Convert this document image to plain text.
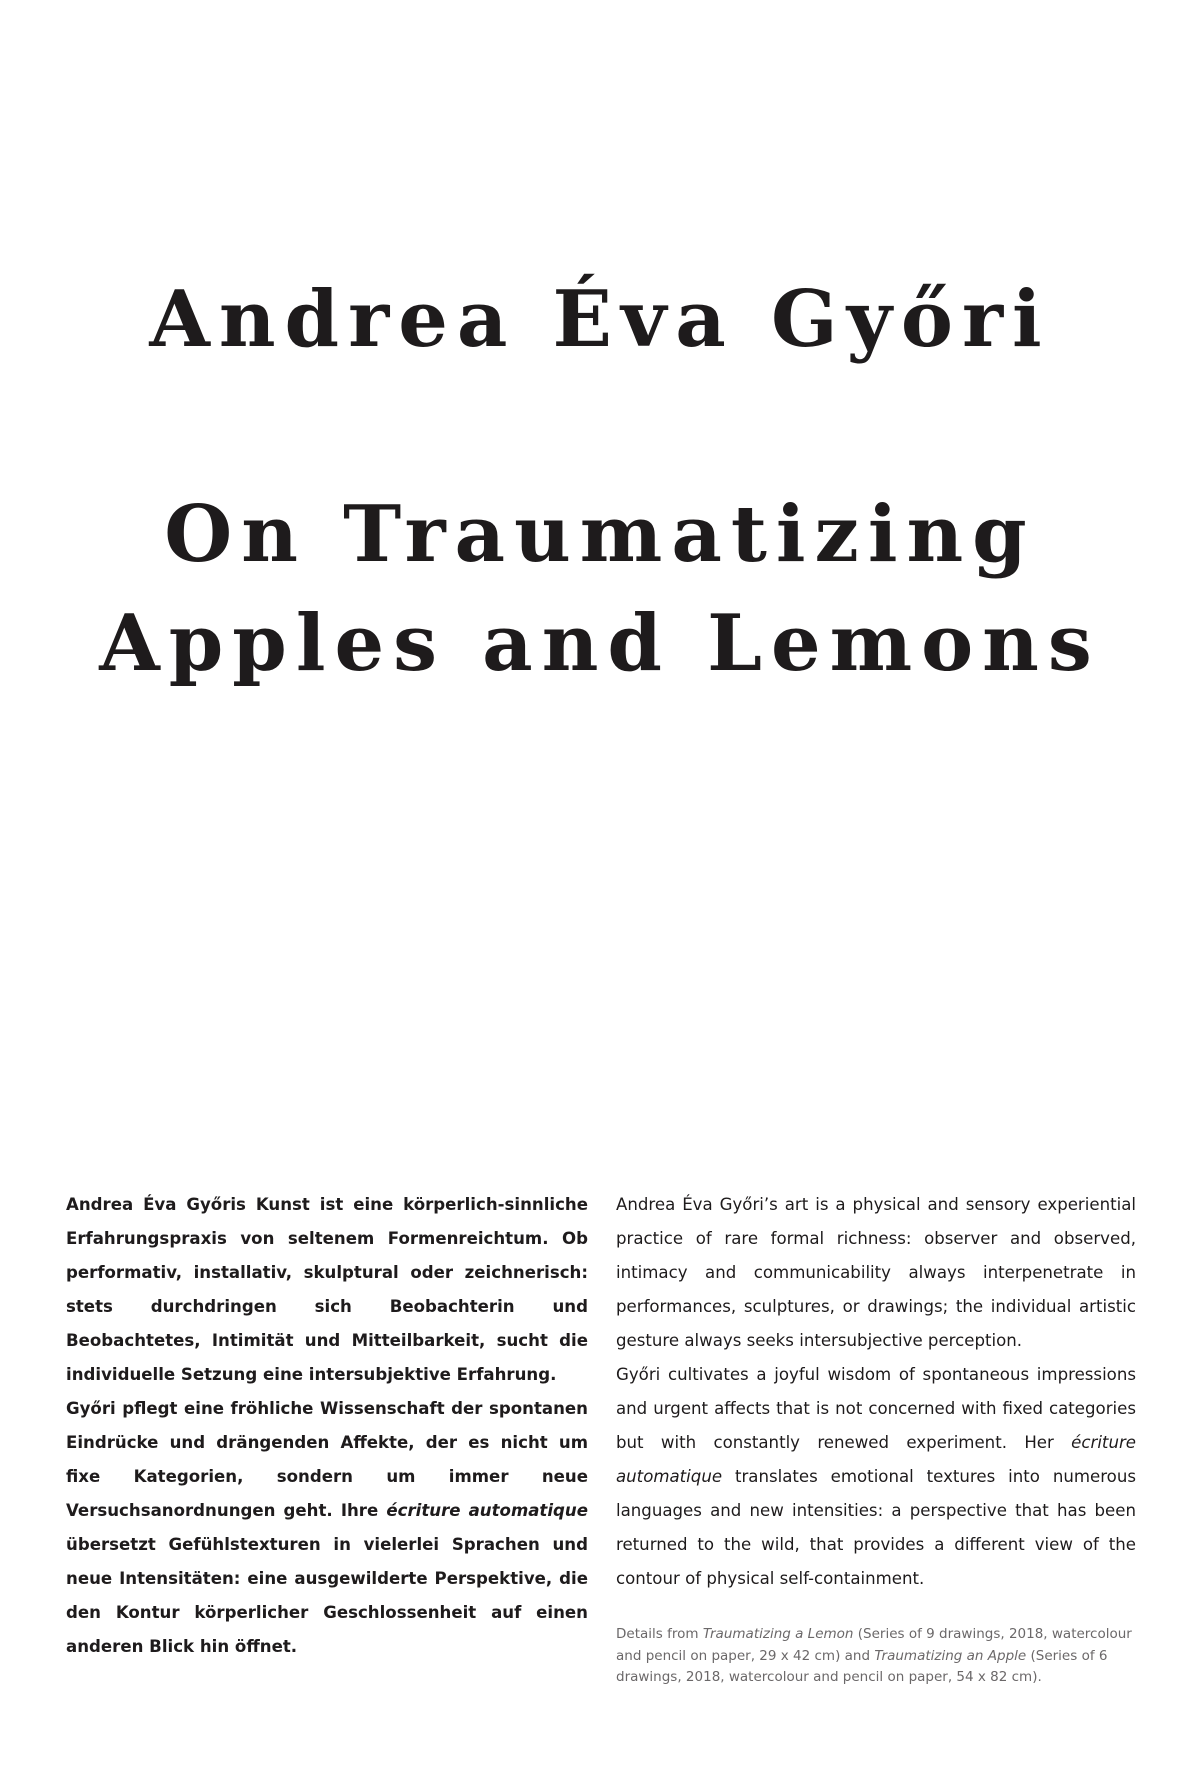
Andrea Éva Győri
On Traumatizing
Apples and Lemons

Andrea Éva Győris Kunst ist eine körperlich-sinnliche Erfahrungspraxis von seltenem Formenreichtum. Ob performativ, installativ, skulptural oder zeichnerisch: stets durchdringen sich Beobachterin und Beobachtetes, Intimität und Mitteilbarkeit, sucht die individuelle Setzung eine intersubjektive Erfahrung.

Győri pflegt eine fröhliche Wissenschaft der spontanen Eindrücke und drängenden Affekte, der es nicht um fixe Kategorien, sondern um immer neue Versuchsanordnungen geht. Ihre écriture automatique übersetzt Gefühlstexturen in vielerlei Sprachen und neue Intensitäten: eine ausgewilderte Perspektive, die den Kontur körperlicher Geschlossenheit auf einen anderen Blick hin öffnet.

Andrea Éva Győri’s art is a physical and sensory experiential practice of rare formal richness: observer and observed, intimacy and communicability always interpenetrate in performances, sculptures, or drawings; the individual artistic gesture always seeks intersubjective perception.

Győri cultivates a joyful wisdom of spontaneous impressions and urgent affects that is not concerned with fixed categories but with constantly renewed experiment. Her écriture automatique translates emotional textures into numerous languages and new intensities: a perspective that has been returned to the wild, that provides a different view of the contour of physical self-containment.

Details from Traumatizing a Lemon (Series of 9 drawings, 2018, watercolour and pencil on paper, 29 x 42 cm) and Traumatizing an Apple (Series of 6 drawings, 2018, watercolour and pencil on paper, 54 x 82 cm).
